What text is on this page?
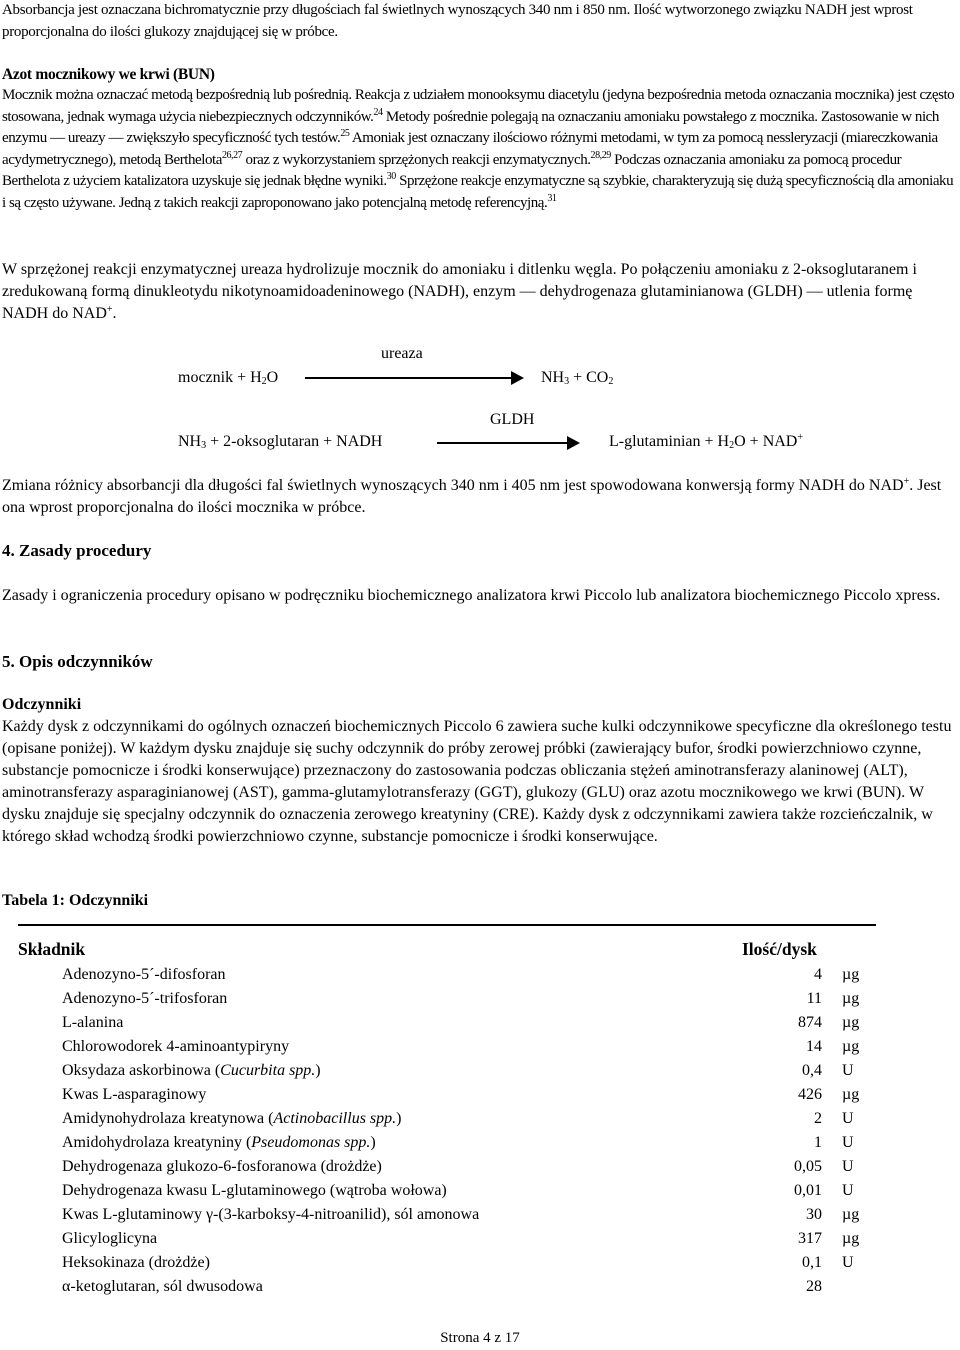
Absorbancja jest oznaczana bichromatycznie przy długościach fal świetlnych wynoszących 340 nm i 850 nm. Ilość wytworzonego związku NADH jest wprost proporcjonalna do ilości glukozy znajdującej się w próbce.

Azot mocznikowy we krwi (BUN)

Mocznik można oznaczać metodą bezpośrednią lub pośrednią. Reakcja z udziałem monooksymu diacetylu (jedyna bezpośrednia metoda oznaczania mocznika) jest często stosowana, jednak wymaga użycia niebezpiecznych odczynników.$^{24}$ Metody pośrednie polegają na oznaczaniu amoniaku powstałego z mocznika. Zastosowanie w nich enzymu — ureazy — zwiększyło specyficzność tych testów.$^{25}$ Amoniak jest oznaczany ilościowo różnymi metodami, w tym za pomocą nessleryzacji (miareczkowania acydymetrycznego), metodą Berthelota$^{26,27}$ oraz z wykorzystaniem sprzężonych reakcji enzymatycznych.$^{28,29}$ Podczas oznaczania amoniaku za pomocą procedur Berthelota z użyciem katalizatora uzyskuje się jednak błędne wyniki.$^{30}$ Sprzężone reakcje enzymatyczne są szybkie, charakteryzują się dużą specyficznością dla amoniaku i są często używane. Jedną z takich reakcji zaproponowano jako potencjalną metodę referencyjną.$^{31}$

W sprzężonej reakcji enzymatycznej ureaza hydrolizuje mocznik do amoniaku i ditlenku węgla. Po połączeniu amoniaku z 2-oksoglutaranem i zredukowaną formą dinukleotydu nikotynoamidoadeninowego (NADH), enzym — dehydrogenaza glutaminianowa (GLDH) — utlenia formę NADH do NAD+.

ureaza
mocznik + $H_2O$	$NH_3 + CO_2$
GLDH
$NH_3$ + 2-oksoglutaran + NADH	L-glutaminian + $H_2O + NAD^+$

Zmiana różnicy absorbancji dla długości fal świetlnych wynoszących 340 nm i 405 nm jest spowodowana konwersją formy NADH do NAD+. Jest ona wprost proporcjonalna do ilości mocznika w próbce.

4. Zasady procedury

Zasady i ograniczenia procedury opisano w podręczniku biochemicznego analizatora krwi Piccolo lub analizatora biochemicznego Piccolo xpress.

5. Opis odczynników

Odczynniki

Każdy dysk z odczynnikami do ogólnych oznaczeń biochemicznych Piccolo 6 zawiera suche kulki odczynnikowe specyficzne dla określonego testu (opisane poniżej). W każdym dysku znajduje się suchy odczynnik do próby zerowej próbki (zawierający bufor, środki powierzchniowo czynne, substancje pomocnicze i środki konserwujące) przeznaczony do zastosowania podczas obliczania stężeń aminotransferazy alaninowej (ALT), aminotransferazy asparaginianowej (AST), gamma-glutamylotransferazy (GGT), glukozy (GLU) oraz azotu mocznikowego we krwi (BUN). W dysku znajduje się specjalny odczynnik do oznaczenia zerowego kreatyniny (CRE). Każdy dysk z odczynnikami zawiera także rozcieńczalnik, w którego skład wchodzą środki powierzchniowo czynne, substancje pomocnicze i środki konserwujące.

Tabela 1: Odczynniki

Składnik	Ilość/dysk	
Adenozyno-5´-difosforan	4	µg
Adenozyno-5´-trifosforan	11	µg
L-alanina	874	µg
Chlorowodorek 4-aminoantypiryny	14	µg
Oksydaza askorbinowa (Cucurbita spp.)	0,4	U
Kwas L-asparaginowy	426	µg
Amidynohydrolaza kreatynowa (Actinobacillus spp.)	2	U
Amidohydrolaza kreatyniny (Pseudomonas spp.)	1	U
Dehydrogenaza glukozo-6-fosforanowa (drożdże)	0,05	U
Dehydrogenaza kwasu L-glutaminowego (wątroba wołowa)	0,01	U
Kwas L-glutaminowy γ-(3-karboksy-4-nitroanilid), sól amonowa	30	µg
Glicyloglicyna	317	µg
Heksokinaza (drożdże)	0,1	U
α-ketoglutaran, sól dwusodowa	28	
Strona 4 z 17
